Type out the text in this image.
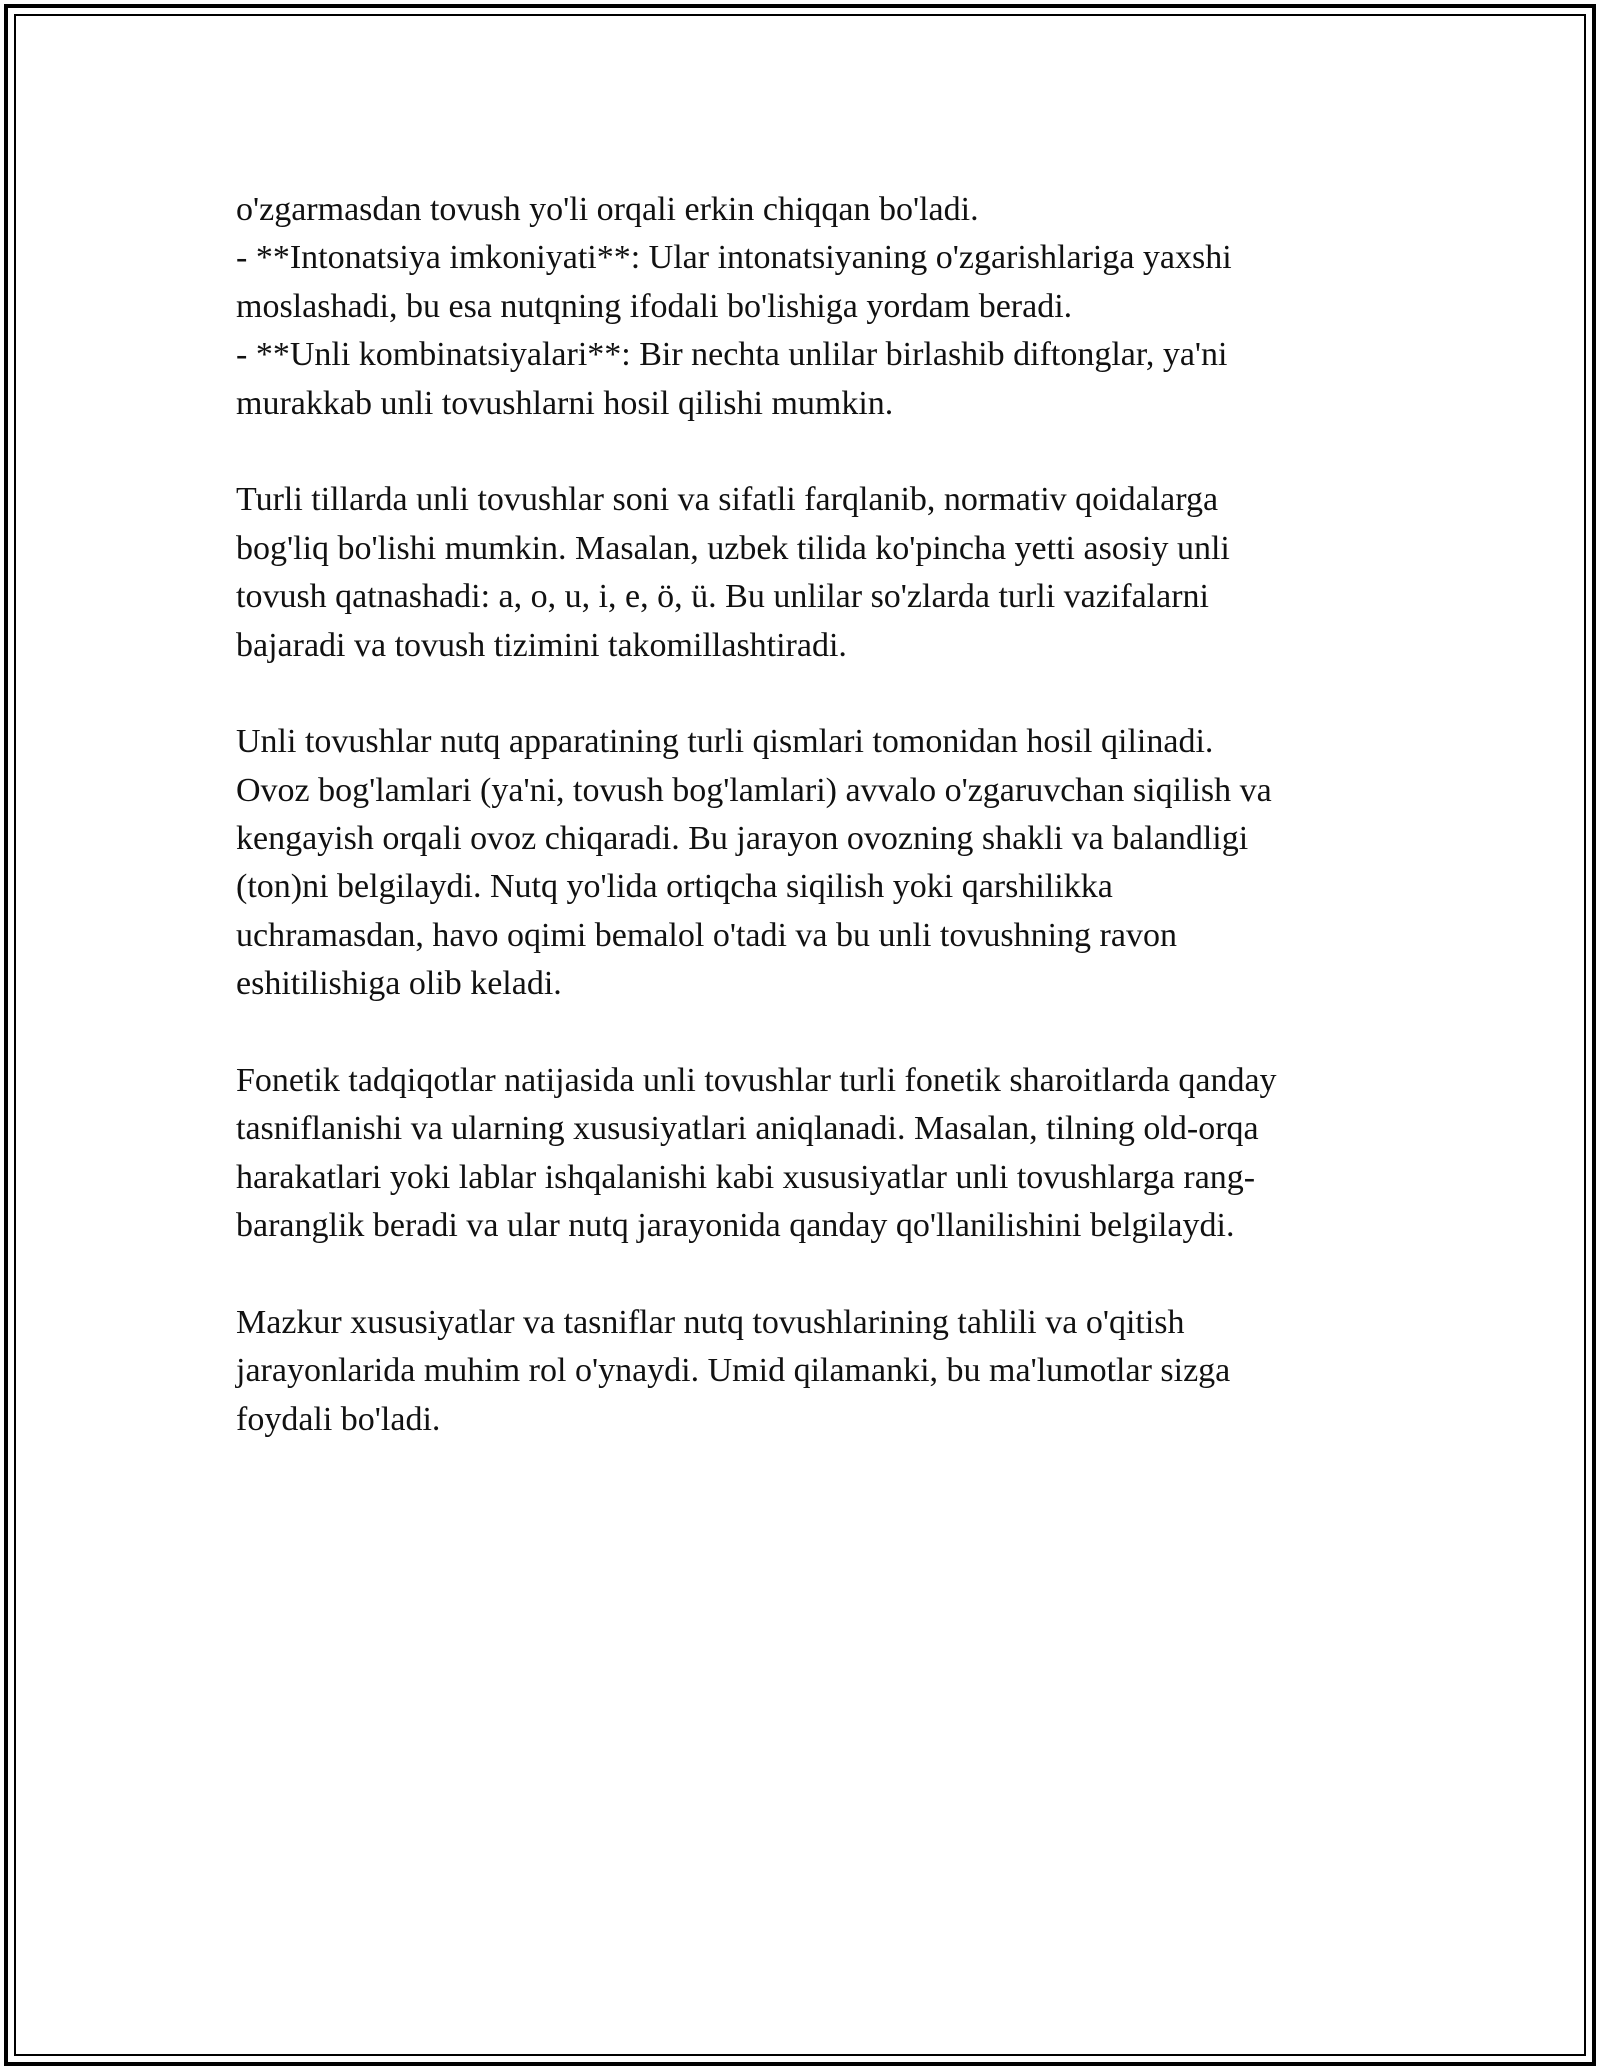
o'zgarmasdan tovush yo'li orqali erkin chiqqan bo'ladi.
- **Intonatsiya imkoniyati**: Ular intonatsiyaning o'zgarishlariga yaxshi
moslashadi, bu esa nutqning ifodali bo'lishiga yordam beradi.
- **Unli kombinatsiyalari**: Bir nechta unlilar birlashib diftonglar, ya'ni
murakkab unli tovushlarni hosil qilishi mumkin.
Turli tillarda unli tovushlar soni va sifatli farqlanib, normativ qoidalarga
bog'liq bo'lishi mumkin. Masalan, uzbek tilida ko'pincha yetti asosiy unli
tovush qatnashadi: a, o, u, i, e, ö, ü. Bu unlilar so'zlarda turli vazifalarni
bajaradi va tovush tizimini takomillashtiradi.
Unli tovushlar nutq apparatining turli qismlari tomonidan hosil qilinadi.
Ovoz bog'lamlari (ya'ni, tovush bog'lamlari) avvalo o'zgaruvchan siqilish va
kengayish orqali ovoz chiqaradi. Bu jarayon ovozning shakli va balandligi
(ton)ni belgilaydi. Nutq yo'lida ortiqcha siqilish yoki qarshilikka
uchramasdan, havo oqimi bemalol o'tadi va bu unli tovushning ravon
eshitilishiga olib keladi.
Fonetik tadqiqotlar natijasida unli tovushlar turli fonetik sharoitlarda qanday
tasniflanishi va ularning xususiyatlari aniqlanadi. Masalan, tilning old-orqa
harakatlari yoki lablar ishqalanishi kabi xususiyatlar unli tovushlarga rang-
baranglik beradi va ular nutq jarayonida qanday qo'llanilishini belgilaydi.
Mazkur xususiyatlar va tasniflar nutq tovushlarining tahlili va o'qitish
jarayonlarida muhim rol o'ynaydi. Umid qilamanki, bu ma'lumotlar sizga
foydali bo'ladi.
